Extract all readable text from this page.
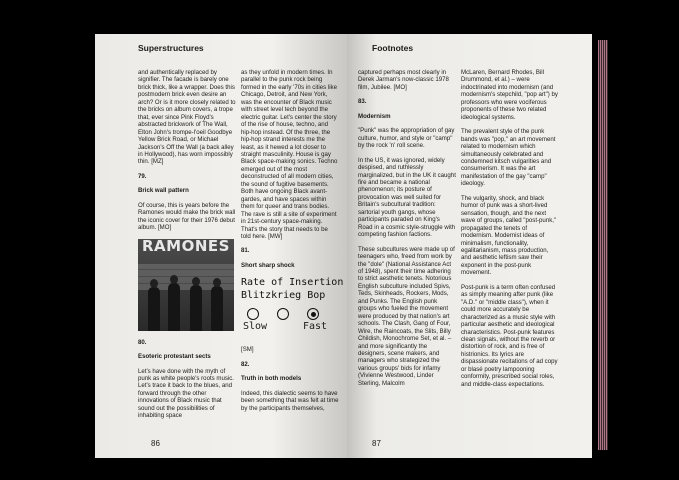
Superstructures

and authentically replaced by signifier. The facade is barely one brick thick, like a wrapper. Does this postmodern brick even desire an arch? Or is it more closely related to the bricks on album covers, a trope that, ever since Pink Floyd's abstracted brickwork of The Wall, Elton John's trompe-l'oeil Goodbye Yellow Brick Road, or Michael Jackson's Off the Wall (a back alley in Hollywood), has worn impossibly thin. [MZ]

79.

Brick wall pattern

Of course, this is years before the Ramones would make the brick wall the iconic cover for their 1976 debut album. [MO]

RAMONES

80.

Esoteric protestant sects

Let's have done with the myth of punk as white people's roots music. Let's trace it back to the blues, and forward through the other innovations of Black music that sound out the possibilities of inhabiting space

as they unfold in modern times. In parallel to the punk rock being formed in the early '70s in cities like Chicago, Detroit, and New York, was the encounter of Black music with street level tech beyond the electric guitar. Let's center the story of the rise of house, techno, and hip-hop instead. Of the three, the hip-hop strand interests me the least, as it hewed a lot closer to straight masculinity. House is gay Black space-making sonics. Techno emerged out of the most deconstructed of all modern cities, the sound of fugitive basements. Both have ongoing Black avant-gardes, and have spaces within them for queer and trans bodies. The rave is still a site of experiment in 21st-century space-making. That's the story that needs to be told here. [MW]

81.

Short sharp shock

Rate of Insertion
Blitzkrieg Bop
Slow	Fast

[SM]

82.

Truth in both models

Indeed, this dialectic seems to have been something that was felt at time by the participants themselves,

86
Footnotes

captured perhaps most clearly in Derek Jarman's now-classic 1978 film, Jubilee. [MO]

83.

Modernism

"Punk" was the appropriation of gay culture, humor, and style or "camp" by the rock 'n' roll scene.

In the US, it was ignored, widely despised, and ruthlessly marginalized, but in the UK it caught fire and became a national phenomenon; its posture of provocation was well suited for Britain's subcultural tradition: sartorial youth gangs, whose participants paraded on King's Road in a cosmic style-struggle with competing fashion factions.

These subcultures were made up of teenagers who, freed from work by the "dole" (National Assistance Act of 1948), spent their time adhering to strict aesthetic tenets. Notorious English subculture included Spivs, Teds, Skinheads, Rockers, Mods, and Punks. The English punk groups who fueled the movement were produced by that nation's art schools. The Clash, Gang of Four, Wire, the Raincoats, the Slits, Billy Childish, Monochrome Set, et al. – and more significantly the designers, scene makers, and managers who strategized the various groups' bids for infamy (Vivienne Westwood, Linder Sterling, Malcolm

McLaren, Bernard Rhodes, Bill Drummond, et al.) – were indoctrinated into modernism (and modernism's stepchild, "pop art") by professors who were vociferous proponents of these two related ideological systems.

The prevalent style of the punk bands was "pop," an art movement related to modernism which simultaneously celebrated and condemned kitsch vulgarities and consumerism. It was the art manifestation of the gay "camp" ideology.

The vulgarity, shock, and black humor of punk was a short-lived sensation, though, and the next wave of groups, called "post-punk," propagated the tenets of modernism. Modernist ideas of minimalism, functionality, egalitarianism, mass production, and aesthetic leftism saw their exponent in the post-punk movement.

Post-punk is a term often confused as simply meaning after punk (like "A.D." or "middle class"), when it could more accurately be characterized as a music style with particular aesthetic and ideological characteristics. Post-punk features clean signals, without the reverb or distortion of rock, and is free of histrionics. Its lyrics are dispassionate recitations of ad copy or blasé poetry lampooning conformity, prescribed social roles, and middle-class expectations.

87
